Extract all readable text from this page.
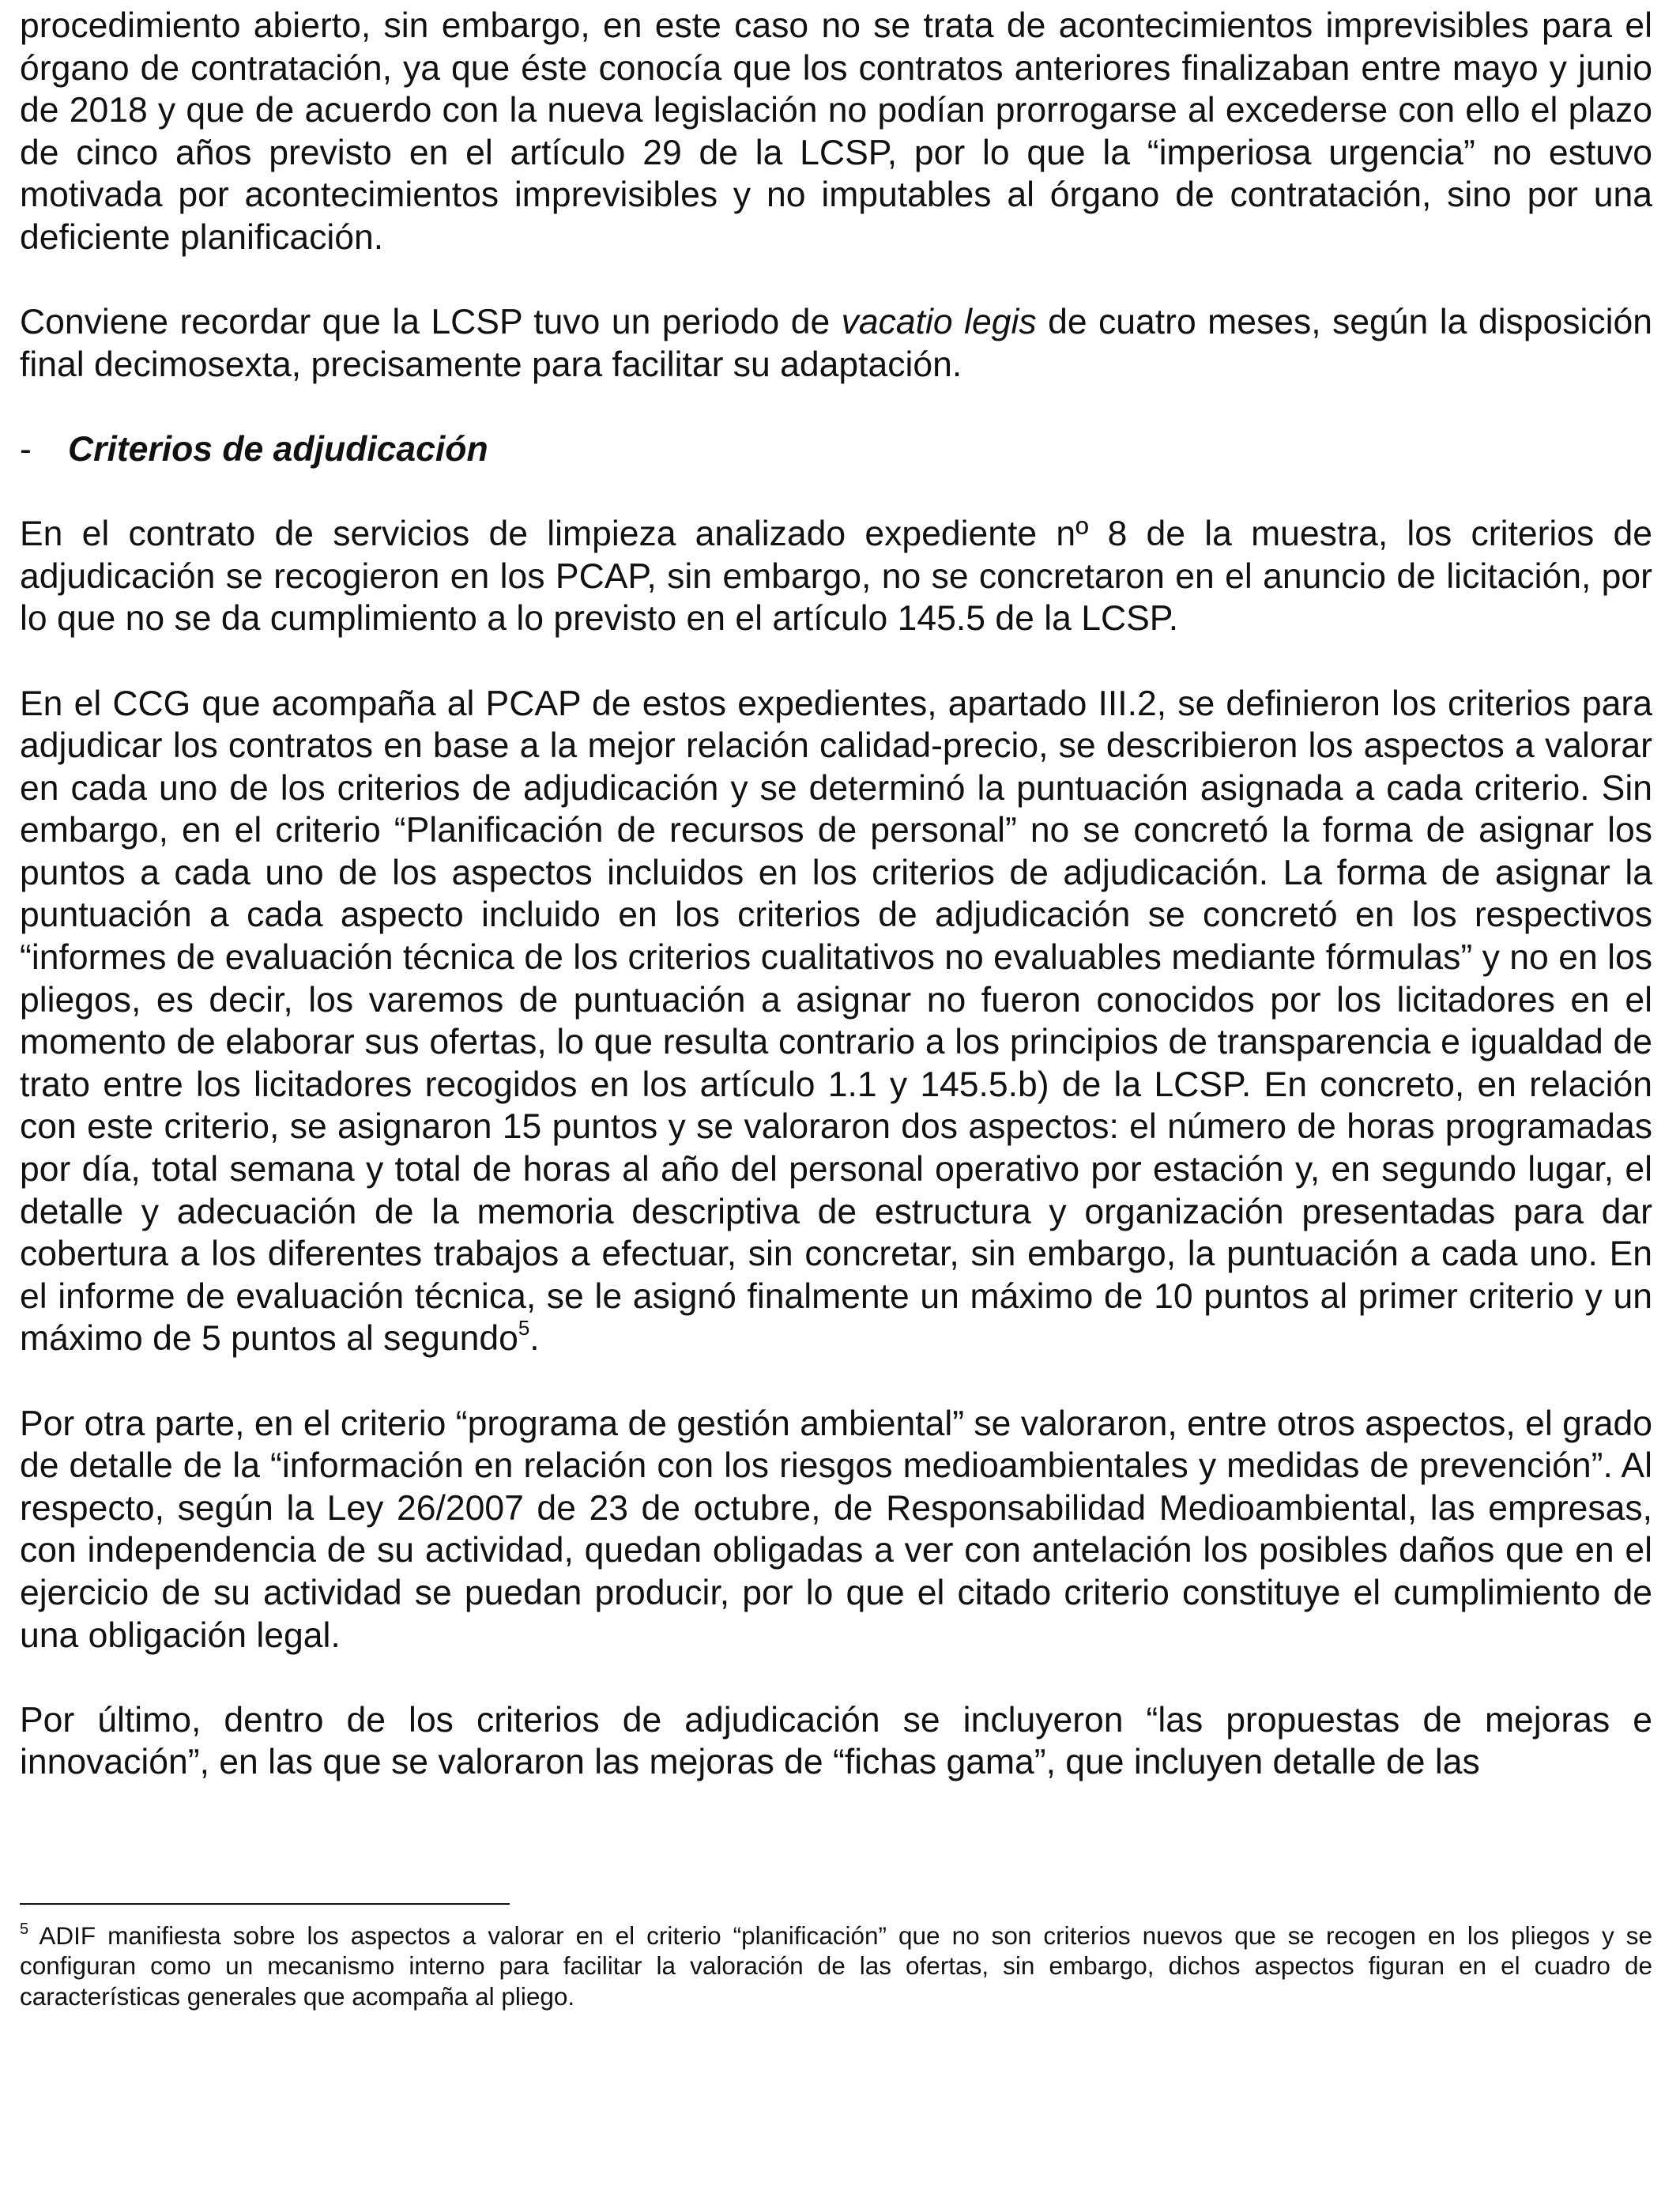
procedimiento abierto, sin embargo, en este caso no se trata de acontecimientos imprevisibles para el órgano de contratación, ya que éste conocía que los contratos anteriores finalizaban entre mayo y junio de 2018 y que de acuerdo con la nueva legislación no podían prorrogarse al excederse con ello el plazo de cinco años previsto en el artículo 29 de la LCSP, por lo que la “imperiosa urgencia” no estuvo motivada por acontecimientos imprevisibles y no imputables al órgano de contratación, sino por una deficiente planificación.

Conviene recordar que la LCSP tuvo un periodo de vacatio legis de cuatro meses, según la disposición final decimosexta, precisamente para facilitar su adaptación.

- Criterios de adjudicación

En el contrato de servicios de limpieza analizado expediente nº 8 de la muestra, los criterios de adjudicación se recogieron en los PCAP, sin embargo, no se concretaron en el anuncio de licitación, por lo que no se da cumplimiento a lo previsto en el artículo 145.5 de la LCSP.

En el CCG que acompaña al PCAP de estos expedientes, apartado III.2, se definieron los criterios para adjudicar los contratos en base a la mejor relación calidad-precio, se describieron los aspectos a valorar en cada uno de los criterios de adjudicación y se determinó la puntuación asignada a cada criterio. Sin embargo, en el criterio “Planificación de recursos de personal” no se concretó la forma de asignar los puntos a cada uno de los aspectos incluidos en los criterios de adjudicación. La forma de asignar la puntuación a cada aspecto incluido en los criterios de adjudicación se concretó en los respectivos “informes de evaluación técnica de los criterios cualitativos no evaluables mediante fórmulas” y no en los pliegos, es decir, los varemos de puntuación a asignar no fueron conocidos por los licitadores en el momento de elaborar sus ofertas, lo que resulta contrario a los principios de transparencia e igualdad de trato entre los licitadores recogidos en los artículo 1.1 y 145.5.b) de la LCSP. En concreto, en relación con este criterio, se asignaron 15 puntos y se valoraron dos aspectos: el número de horas programadas por día, total semana y total de horas al año del personal operativo por estación y, en segundo lugar, el detalle y adecuación de la memoria descriptiva de estructura y organización presentadas para dar cobertura a los diferentes trabajos a efectuar, sin concretar, sin embargo, la puntuación a cada uno. En el informe de evaluación técnica, se le asignó finalmente un máximo de 10 puntos al primer criterio y un máximo de 5 puntos al segundo$^5$.

Por otra parte, en el criterio “programa de gestión ambiental” se valoraron, entre otros aspectos, el grado de detalle de la “información en relación con los riesgos medioambientales y medidas de prevención”. Al respecto, según la Ley 26/2007 de 23 de octubre, de Responsabilidad Medioambiental, las empresas, con independencia de su actividad, quedan obligadas a ver con antelación los posibles daños que en el ejercicio de su actividad se puedan producir, por lo que el citado criterio constituye el cumplimiento de una obligación legal.

Por último, dentro de los criterios de adjudicación se incluyeron “las propuestas de mejoras e innovación”, en las que se valoraron las mejoras de “fichas gama”, que incluyen detalle de las

$^5$ ADIF manifiesta sobre los aspectos a valorar en el criterio “planificación” que no son criterios nuevos que se recogen en los pliegos y se configuran como un mecanismo interno para facilitar la valoración de las ofertas, sin embargo, dichos aspectos figuran en el cuadro de características generales que acompaña al pliego.
